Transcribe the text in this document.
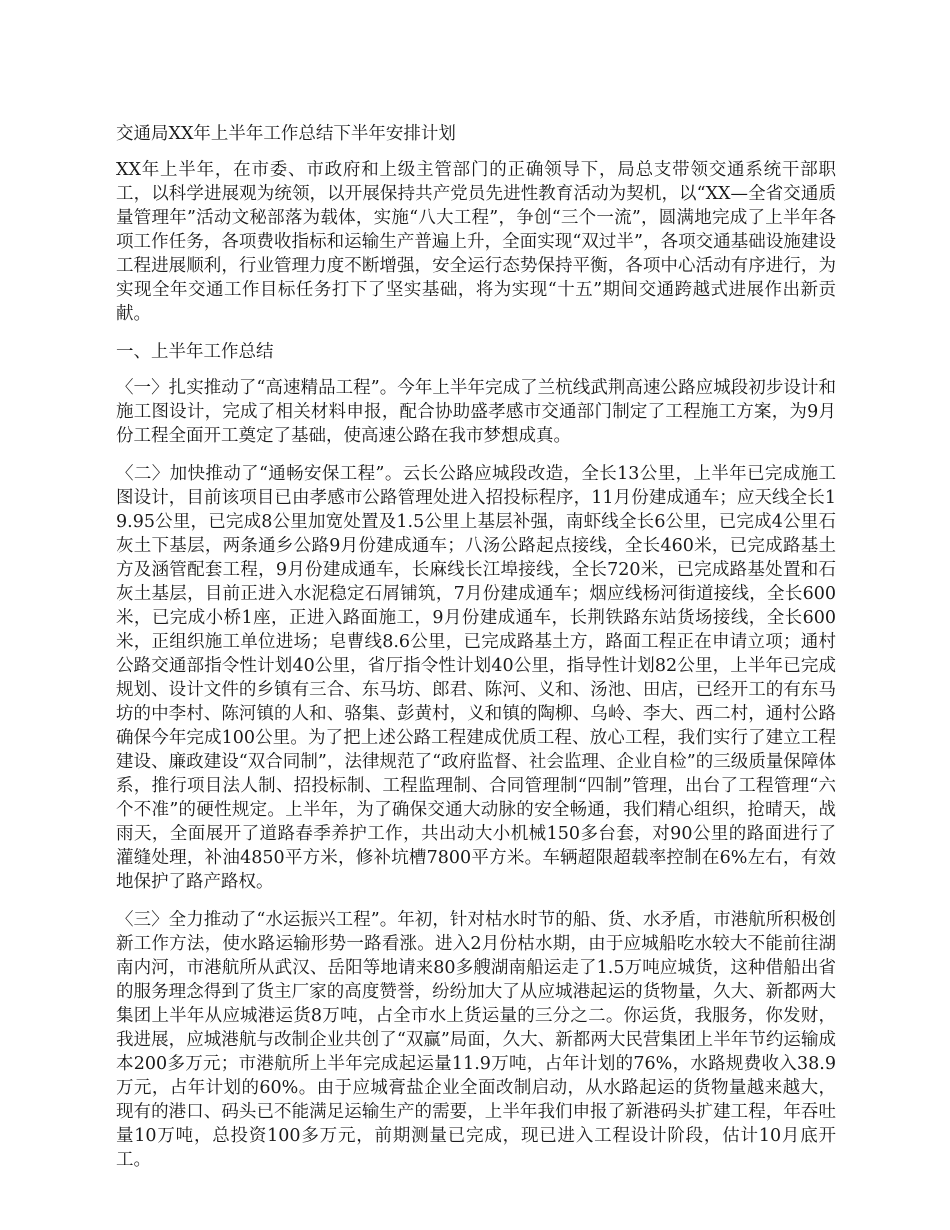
交通局XX年上半年工作总结下半年安排计划

XX年上半年，在市委、市政府和上级主管部门的正确领导下，局总支带领交通系统干部职工，以科学进展观为统领，以开展保持共产党员先进性教育活动为契机，以“XX—全省交通质量管理年”活动文秘部落为载体，实施“八大工程”，争创“三个一流”，圆满地完成了上半年各项工作任务，各项费收指标和运输生产普遍上升，全面实现“双过半”，各项交通基础设施建设工程进展顺利，行业管理力度不断增强，安全运行态势保持平衡，各项中心活动有序进行，为实现全年交通工作目标任务打下了坚实基础，将为实现“十五”期间交通跨越式进展作出新贡献。

一、上半年工作总结

〈一〉扎实推动了“高速精品工程”。今年上半年完成了兰杭线武荆高速公路应城段初步设计和施工图设计，完成了相关材料申报，配合协助盛孝感市交通部门制定了工程施工方案，为9月份工程全面开工奠定了基础，使高速公路在我市梦想成真。

〈二〉加快推动了“通畅安保工程”。云长公路应城段改造，全长13公里，上半年已完成施工图设计，目前该项目已由孝感市公路管理处进入招投标程序，11月份建成通车；应天线全长19.95公里，已完成8公里加宽处置及1.5公里上基层补强，南虾线全长6公里，已完成4公里石灰土下基层，两条通乡公路9月份建成通车；八汤公路起点接线，全长460米，已完成路基土方及涵管配套工程，9月份建成通车，长麻线长江埠接线，全长720米，已完成路基处置和石灰土基层，目前正进入水泥稳定石屑铺筑，7月份建成通车；烟应线杨河街道接线，全长600米，已完成小桥1座，正进入路面施工，9月份建成通车，长荆铁路东站货场接线，全长600米，正组织施工单位进场；皂曹线8.6公里，已完成路基土方，路面工程正在申请立项；通村公路交通部指令性计划40公里，省厅指令性计划40公里，指导性计划82公里，上半年已完成规划、设计文件的乡镇有三合、东马坊、郎君、陈河、义和、汤池、田店，已经开工的有东马坊的中李村、陈河镇的人和、骆集、彭黄村，义和镇的陶柳、乌岭、李大、西二村，通村公路确保今年完成100公里。为了把上述公路工程建成优质工程、放心工程，我们实行了建立工程建设、廉政建设“双合同制”，法律规范了“政府监督、社会监理、企业自检”的三级质量保障体系，推行项目法人制、招投标制、工程监理制、合同管理制“四制”管理，出台了工程管理“六个不准”的硬性规定。上半年，为了确保交通大动脉的安全畅通，我们精心组织，抢晴天，战雨天，全面展开了道路春季养护工作，共出动大小机械150多台套，对90公里的路面进行了灌缝处理，补油4850平方米，修补坑槽7800平方米。车辆超限超载率控制在6%左右，有效地保护了路产路权。

〈三〉全力推动了“水运振兴工程”。年初，针对枯水时节的船、货、水矛盾，市港航所积极创新工作方法，使水路运输形势一路看涨。进入2月份枯水期，由于应城船吃水较大不能前往湖南内河，市港航所从武汉、岳阳等地请来80多艘湖南船运走了1.5万吨应城货，这种借船出省的服务理念得到了货主厂家的高度赞誉，纷纷加大了从应城港起运的货物量，久大、新都两大集团上半年从应城港运货8万吨，占全市水上货运量的三分之二。你运货，我服务，你发财，我进展，应城港航与改制企业共创了“双赢”局面，久大、新都两大民营集团上半年节约运输成本200多万元；市港航所上半年完成起运量11.9万吨，占年计划的76%，水路规费收入38.9万元，占年计划的60%。由于应城膏盐企业全面改制启动，从水路起运的货物量越来越大，现有的港口、码头已不能满足运输生产的需要，上半年我们申报了新港码头扩建工程，年吞吐量10万吨，总投资100多万元，前期测量已完成，现已进入工程设计阶段，估计10月底开工。
